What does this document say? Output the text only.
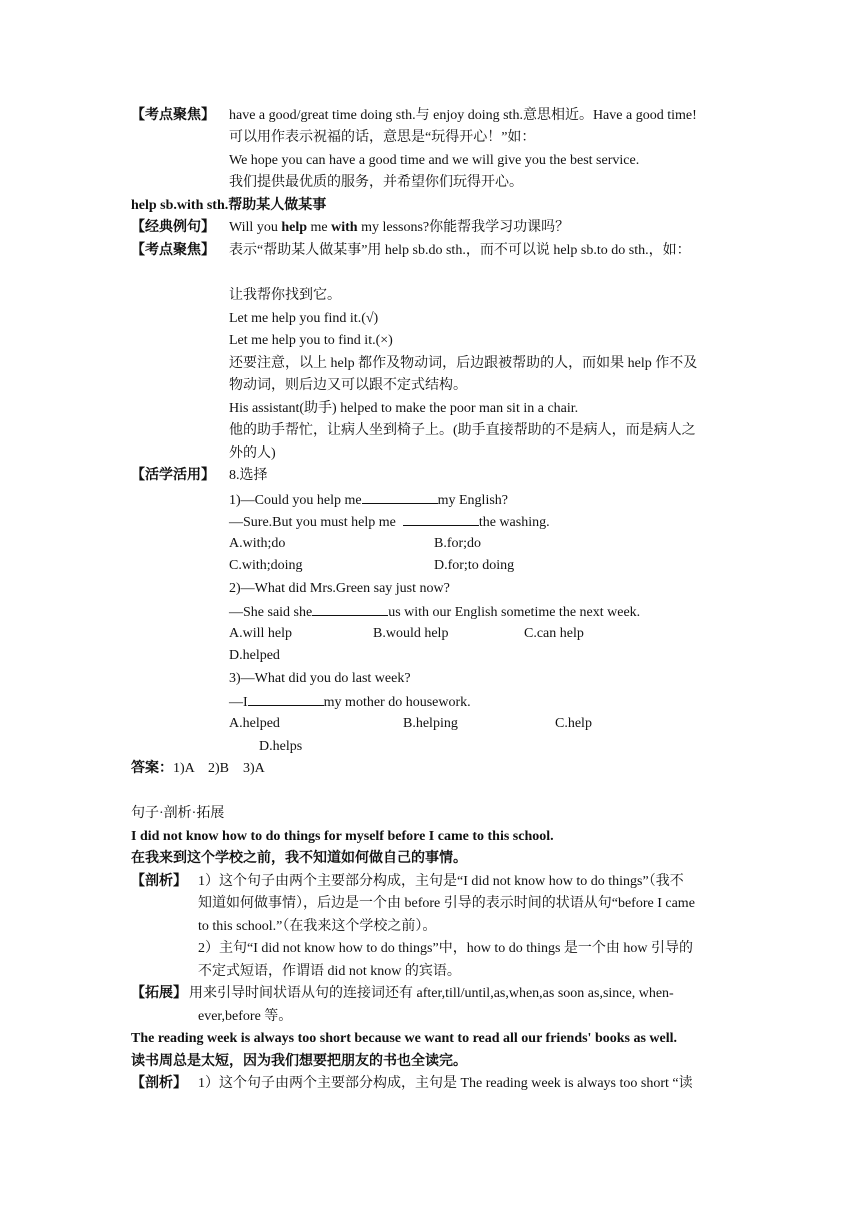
【考点聚焦】 have a good/great time doing sth.与 enjoy doing sth.意思相近。Have a good time!
可以用作表示祝福的话，意思是“玩得开心！”如：
We hope you can have a good time and we will give you the best service.
我们提供最优质的服务，并希望你们玩得开心。
help sb.with sth.帮助某人做某事
【经典例句】 Will you help me with my lessons?你能帮我学习功课吗？
【考点聚焦】 表示“帮助某人做某事”用 help sb.do sth.，而不可以说 help sb.to do sth.，如：
让我帮你找到它。
Let me help you find it.(√)
Let me help you to find it.(×)
还要注意，以上 help 都作及物动词，后边跟被帮助的人，而如果 help 作不及
物动词，则后边又可以跟不定式结构。
His assistant(助手) helped to make the poor man sit in a chair.
他的助手帮忙，让病人坐到椅子上。(助手直接帮助的不是病人，而是病人之
外的人)
【活学活用】 8.选择
1)—Could you help me	my English?
—Sure.But you must help me	the washing.
A.with;do	B.for;do
C.with;doing	D.for;to doing
2)—What did Mrs.Green say just now?
—She said she	us with our English sometime the next week.
A.will help	B.would help	C.can help
D.helped
3)—What did you do last week?
—I	my mother do housework.
A.helped	B.helping	C.help
D.helps
答案：1)A　2)B　3)A
句子·剖析·拓展
I did not know how to do things for myself before I came to this school.
在我来到这个学校之前，我不知道如何做自己的事情。
【剖析】 1）这个句子由两个主要部分构成，主句是“I did not know how to do things”（我不
知道如何做事情），后边是一个由 before 引导的表示时间的状语从句“before I came
to this school.”（在我来这个学校之前）。
2）主句“I did not know how to do things”中，how to do things 是一个由 how 引导的
不定式短语，作谓语 did not know 的宾语。
【拓展】 用来引导时间状语从句的连接词还有 after,till/until,as,when,as soon as,since, when-
ever,before 等。
The reading week is always too short because we want to read all our friends' books as well.
读书周总是太短，因为我们想要把朋友的书也全读完。
【剖析】 1）这个句子由两个主要部分构成，主句是 The reading week is always too short “读
